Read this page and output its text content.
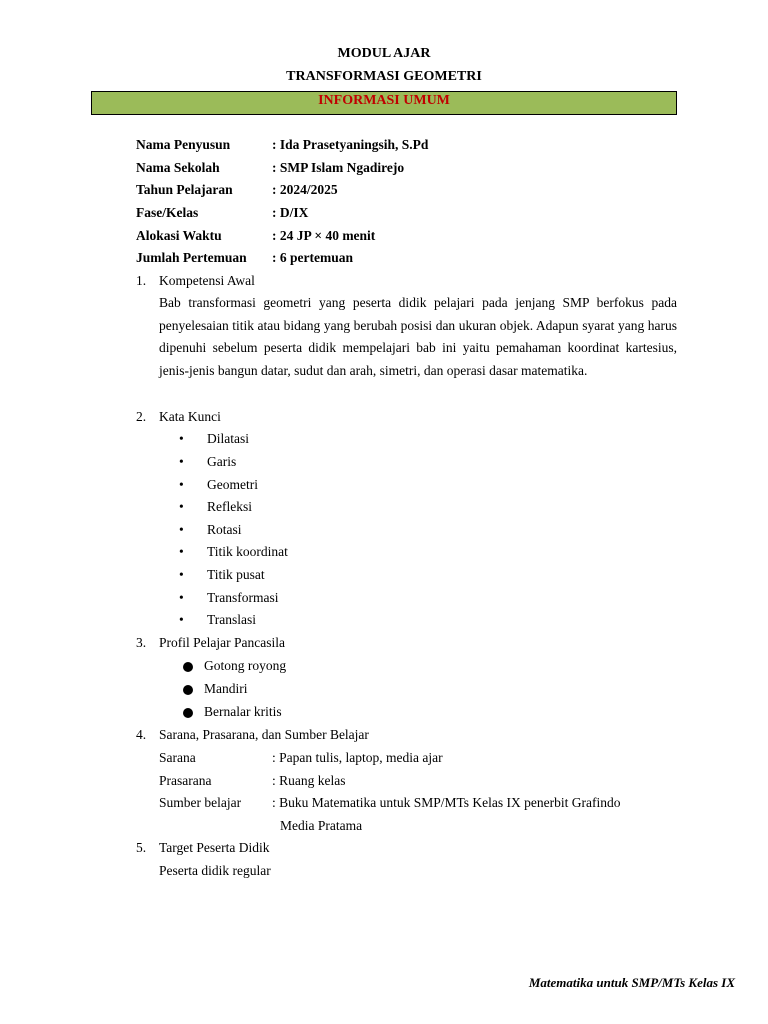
MODUL AJAR
TRANSFORMASI GEOMETRI
INFORMASI UMUM
Nama Penyusun	: Ida Prasetyaningsih, S.Pd
Nama Sekolah	: SMP Islam Ngadirejo
Tahun Pelajaran	: 2024/2025
Fase/Kelas	: D/IX
Alokasi Waktu	: 24 JP × 40 menit
Jumlah Pertemuan : 6 pertemuan
1. Kompetensi Awal
Bab transformasi geometri yang peserta didik pelajari pada jenjang SMP berfokus pada penyelesaian titik atau bidang yang berubah posisi dan ukuran objek. Adapun syarat yang harus dipenuhi sebelum peserta didik mempelajari bab ini yaitu pemahaman koordinat kartesius, jenis-jenis bangun datar, sudut dan arah, simetri, dan operasi dasar matematika.
2. Kata Kunci
• Dilatasi
• Garis
• Geometri
• Refleksi
• Rotasi
• Titik koordinat
• Titik pusat
• Transformasi
• Translasi
3. Profil Pelajar Pancasila
Gotong royong
Mandiri
Bernalar kritis
4. Sarana, Prasarana, dan Sumber Belajar
Sarana	: Papan tulis, laptop, media ajar
Prasarana	: Ruang kelas
Sumber belajar : Buku Matematika untuk SMP/MTs Kelas IX penerbit Grafindo
Media Pratama
5. Target Peserta Didik
Peserta didik regular
Matematika untuk SMP/MTs Kelas IX
